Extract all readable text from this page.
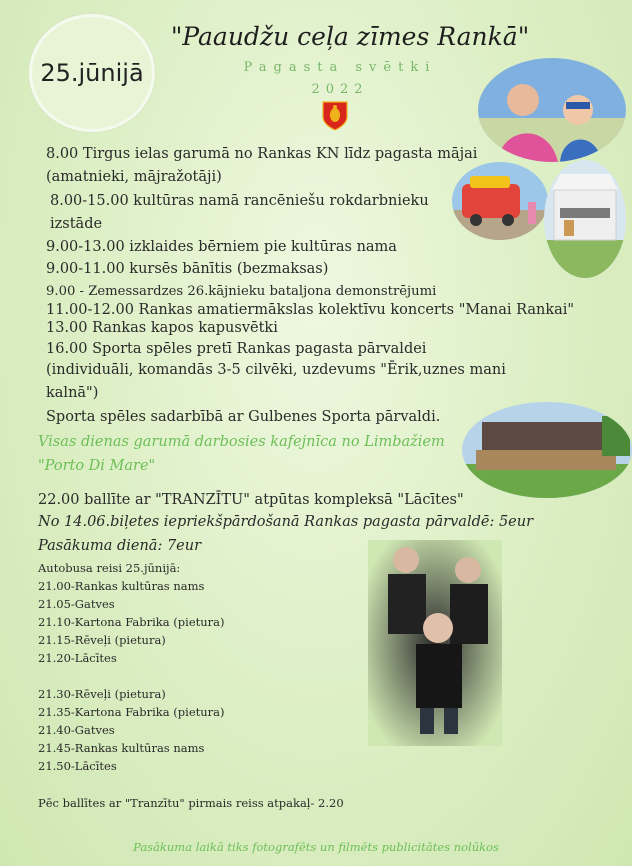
25.jūnijā
"Paaudžu ceļa zīmes Rankā"
Pagasta svētki
2022
8.00 Tirgus ielas garumā no Rankas KN līdz pagasta mājai
(amatnieki, mājražotāji)
8.00-15.00 kultūras namā rancēniešu rokdarbnieku
izstāde
9.00-13.00 izklaides bērniem pie kultūras nama
9.00-11.00 kursēs bānītis (bezmaksas)
9.00 - Zemessardzes 26.kājnieku bataljona demonstrējumi
11.00-12.00 Rankas amatiermākslas kolektīvu koncerts "Manai Rankai"
13.00 Rankas kapos kapusvētki
16.00 Sporta spēles pretī Rankas pagasta pārvaldei
(individuāli, komandās 3-5 cilvēki, uzdevums "Ērik,uznes mani
kalnā")
Sporta spēles sadarbībā ar Gulbenes Sporta pārvaldi.
Visas dienas garumā darbosies kafejnīca no Limbažiem
"Porto Di Mare"
22.00 ballīte ar "TRANZĪTU" atpūtas kompleksā "Lācītes"
No 14.06.biļetes iepriekšpārdošanā Rankas pagasta pārvaldē: 5eur
Pasākuma dienā: 7eur
Autobusa reisi 25.jūnijā:
21.00-Rankas kultūras nams
21.05-Gatves
21.10-Kartona Fabrika (pietura)
21.15-Rēveļi (pietura)
21.20-Lācītes
21.30-Rēveļi (pietura)
21.35-Kartona Fabrika (pietura)
21.40-Gatves
21.45-Rankas kultūras nams
21.50-Lācītes
Pēc ballītes ar "Tranzītu" pirmais reiss atpakaļ- 2.20
Pasākuma laikā tiks fotografēts un filmēts publicitātes nolūkos
